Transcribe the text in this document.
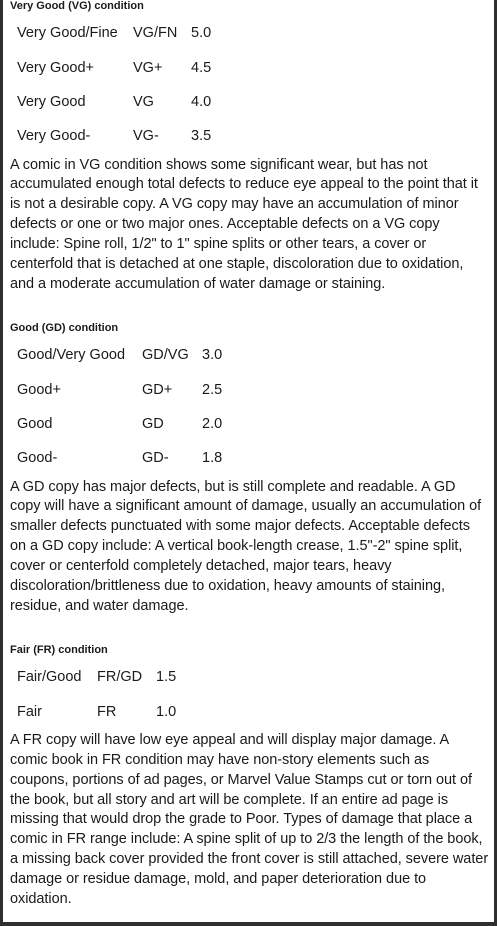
Very Good (VG) condition
Very Good/Fine	VG/FN	5.0
Very Good+	VG+	4.5
Very Good	VG	4.0
Very Good-	VG-	3.5

A comic in VG condition shows some significant wear, but has not accumulated enough total defects to reduce eye appeal to the point that it is not a desirable copy. A VG copy may have an accumulation of minor defects or one or two major ones. Acceptable defects on a VG copy include: Spine roll, 1/2" to 1" spine splits or other tears, a cover or centerfold that is detached at one staple, discoloration due to oxidation, and a moderate accumulation of water damage or staining.

Good (GD) condition
Good/Very Good	GD/VG	3.0
Good+	GD+	2.5
Good	GD	2.0
Good-	GD-	1.8

A GD copy has major defects, but is still complete and readable. A GD copy will have a significant amount of damage, usually an accumulation of smaller defects punctuated with some major defects. Acceptable defects on a GD copy include: A vertical book-length crease, 1.5"-2" spine split, cover or centerfold completely detached, major tears, heavy discoloration/brittleness due to oxidation, heavy amounts of staining, residue, and water damage.

Fair (FR) condition
Fair/Good	FR/GD	1.5
Fair	FR	1.0

A FR copy will have low eye appeal and will display major damage. A comic book in FR condition may have non-story elements such as coupons, portions of ad pages, or Marvel Value Stamps cut or torn out of the book, but all story and art will be complete. If an entire ad page is missing that would drop the grade to Poor. Types of damage that place a comic in FR range include: A spine split of up to 2/3 the length of the book, a missing back cover provided the front cover is still attached, severe water damage or residue damage, mold, and paper deterioration due to oxidation.
